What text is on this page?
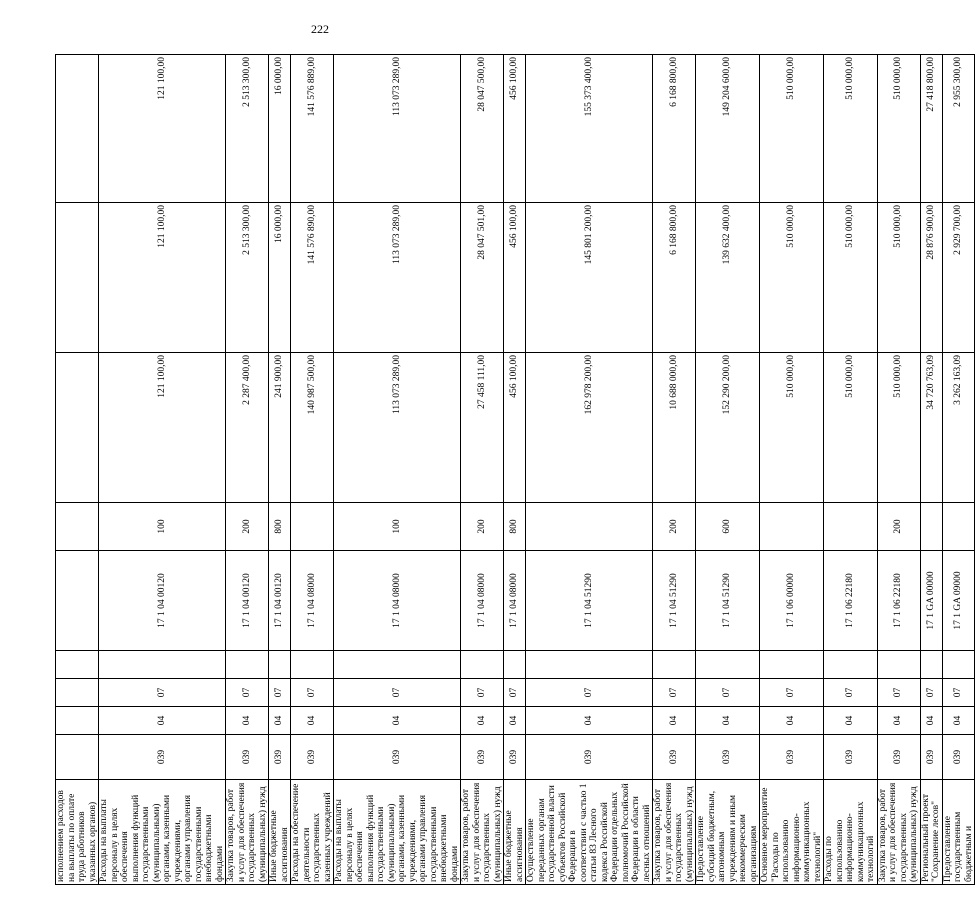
222
исполнением расходов на выплаты по оплате труда работников указанных органов)									
Расходы на выплаты персоналу в целях обеспечения выполнения функций государственными (муниципальными) органами, казенными учреждениями, органами управления государственными внебюджетными фондами	039	04	07		17 1 04 00120	100	121 100,00	121 100,00	121 100,00
Закупка товаров, работ и услуг для обеспечения государственных (муниципальных) нужд	039	04	07		17 1 04 00120	200	2 287 400,00	2 513 300,00	2 513 300,00
Иные бюджетные ассигнования	039	04	07		17 1 04 00120	800	241 900,00	16 000,00	16 000,00
Расходы на обеспечение деятельности государственных казенных учреждений	039	04	07		17 1 04 08000		140 987 500,00	141 576 890,00	141 576 889,00
Расходы на выплаты персоналу в целях обеспечения выполнения функций государственными (муниципальными) органами, казенными учреждениями, органами управления государственными внебюджетными фондами	039	04	07		17 1 04 08000	100	113 073 289,00	113 073 289,00	113 073 289,00
Закупка товаров, работ и услуг для обеспечения государственных (муниципальных) нужд	039	04	07		17 1 04 08000	200	27 458 111,00	28 047 501,00	28 047 500,00
Иные бюджетные ассигнования	039	04	07		17 1 04 08000	800	456 100,00	456 100,00	456 100,00
Осуществление переданных органам государственной власти субъектов Российской Федерации в соответствии с частью 1 статьи 83 Лесного кодекса Российской Федерации отдельных полномочий Российской Федерации в области лесных отношений	039	04	07		17 1 04 51290		162 978 200,00	145 801 200,00	155 373 400,00
Закупка товаров, работ и услуг для обеспечения государственных (муниципальных) нужд	039	04	07		17 1 04 51290	200	10 688 000,00	6 168 800,00	6 168 800,00
Предоставление субсидий бюджетным, автономным учреждениям и иным некоммерческим организациям	039	04	07		17 1 04 51290	600	152 290 200,00	139 632 400,00	149 204 600,00
Основное мероприятие "Расходы по использованию информационно-коммуникационных технологий"	039	04	07		17 1 06 00000		510 000,00	510 000,00	510 000,00
Расходы по использованию информационно-коммуникационных технологий	039	04	07		17 1 06 22180		510 000,00	510 000,00	510 000,00
Закупка товаров, работ и услуг для обеспечения государственных (муниципальных) нужд	039	04	07		17 1 06 22180	200	510 000,00	510 000,00	510 000,00
Региональный проект "Сохранение лесов"	039	04	07		17 1 GA 00000		34 720 763,09	28 876 900,00	27 418 800,00
Предоставление государственным бюджетным и	039	04	07		17 1 GA 09000		3 262 163,09	2 929 700,00	2 955 300,00
